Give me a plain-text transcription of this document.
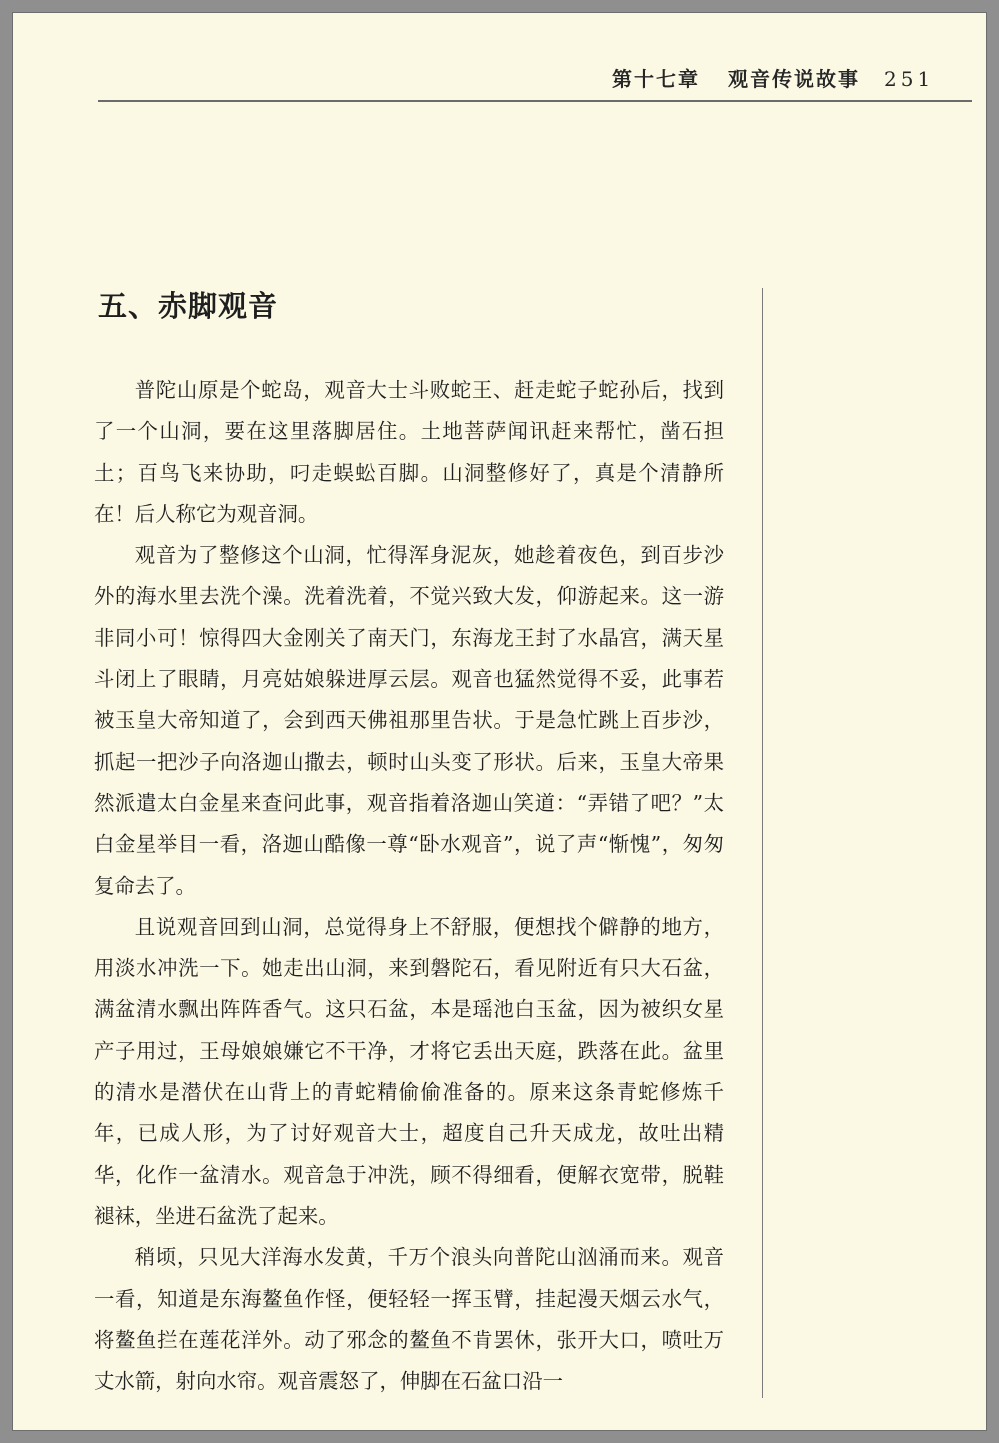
第十七章 观音传说故事 251
五、赤脚观音

普陀山原是个蛇岛，观音大士斗败蛇王、赶走蛇子蛇孙后，找到了一个山洞，要在这里落脚居住。土地菩萨闻讯赶来帮忙，凿石担土；百鸟飞来协助，叼走蜈蚣百脚。山洞整修好了，真是个清静所在！后人称它为观音洞。

观音为了整修这个山洞，忙得浑身泥灰，她趁着夜色，到百步沙外的海水里去洗个澡。洗着洗着，不觉兴致大发，仰游起来。这一游非同小可！惊得四大金刚关了南天门，东海龙王封了水晶宫，满天星斗闭上了眼睛，月亮姑娘躲进厚云层。观音也猛然觉得不妥，此事若被玉皇大帝知道了，会到西天佛祖那里告状。于是急忙跳上百步沙，抓起一把沙子向洛迦山撒去，顿时山头变了形状。后来，玉皇大帝果然派遣太白金星来查问此事，观音指着洛迦山笑道：“弄错了吧？”太白金星举目一看，洛迦山酷像一尊“卧水观音”，说了声“惭愧”，匆匆复命去了。

且说观音回到山洞，总觉得身上不舒服，便想找个僻静的地方，用淡水冲洗一下。她走出山洞，来到磐陀石，看见附近有只大石盆，满盆清水飘出阵阵香气。这只石盆，本是瑶池白玉盆，因为被织女星产子用过，王母娘娘嫌它不干净，才将它丢出天庭，跌落在此。盆里的清水是潜伏在山背上的青蛇精偷偷准备的。原来这条青蛇修炼千年，已成人形，为了讨好观音大士，超度自己升天成龙，故吐出精华，化作一盆清水。观音急于冲洗，顾不得细看，便解衣宽带，脱鞋褪袜，坐进石盆洗了起来。

稍顷，只见大洋海水发黄，千万个浪头向普陀山汹涌而来。观音一看，知道是东海鳌鱼作怪，便轻轻一挥玉臂，挂起漫天烟云水气，将鳌鱼拦在莲花洋外。动了邪念的鳌鱼不肯罢休，张开大口，喷吐万丈水箭，射向水帘。观音震怒了，伸脚在石盆口沿一
